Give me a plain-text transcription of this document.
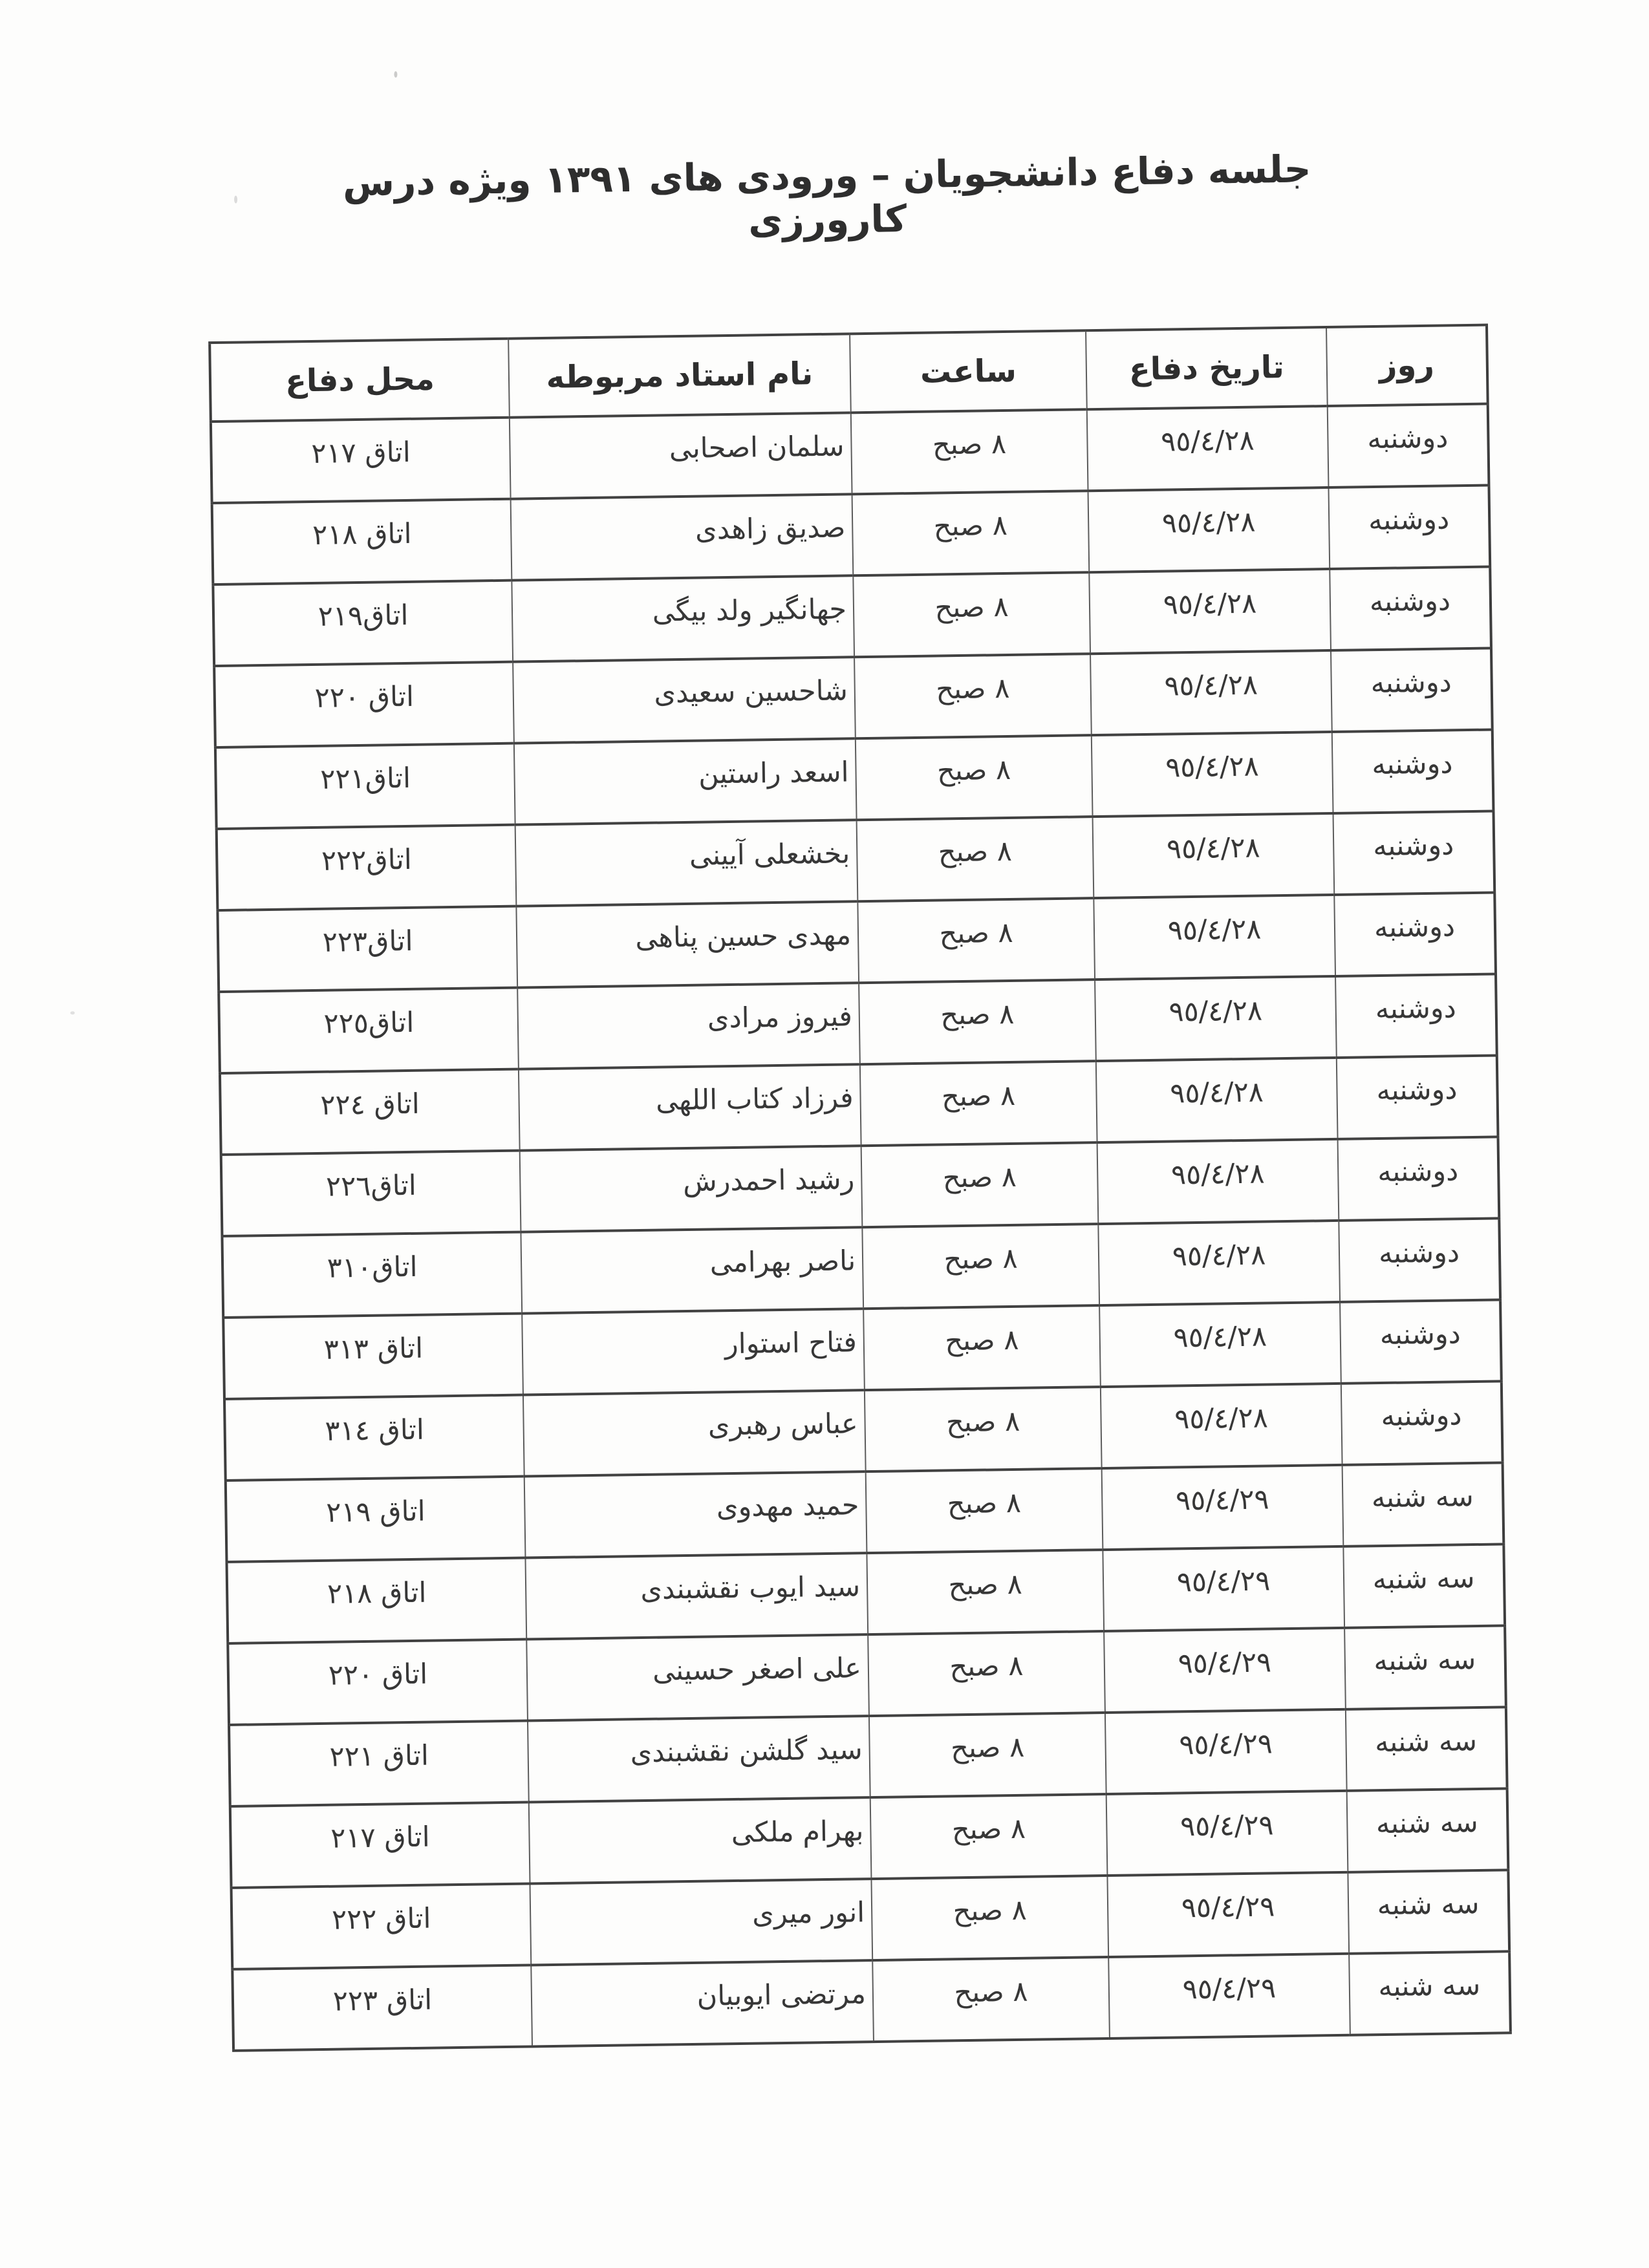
جلسه دفاع دانشجویان – ورودی های ۱۳۹۱ ویژه درس کارورزی
روز	تاریخ دفاع	ساعت	نام استاد مربوطه	محل دفاع
دوشنبه	٩٥/٤/٢٨	٨ صبح	سلمان اصحابی	اتاق ٢١٧
دوشنبه	٩٥/٤/٢٨	٨ صبح	صدیق زاهدی	اتاق ٢١٨
دوشنبه	٩٥/٤/٢٨	٨ صبح	جهانگیر ولد بیگی	اتاق٢١٩
دوشنبه	٩٥/٤/٢٨	٨ صبح	شاحسین سعیدی	اتاق ٢٢٠
دوشنبه	٩٥/٤/٢٨	٨ صبح	اسعد راستین	اتاق٢٢١
دوشنبه	٩٥/٤/٢٨	٨ صبح	بخشعلی آیینی	اتاق٢٢٢
دوشنبه	٩٥/٤/٢٨	٨ صبح	مهدی حسین پناهی	اتاق٢٢٣
دوشنبه	٩٥/٤/٢٨	٨ صبح	فیروز مرادی	اتاق٢٢٥
دوشنبه	٩٥/٤/٢٨	٨ صبح	فرزاد کتاب اللهی	اتاق ٢٢٤
دوشنبه	٩٥/٤/٢٨	٨ صبح	رشید احمدرش	اتاق٢٢٦
دوشنبه	٩٥/٤/٢٨	٨ صبح	ناصر بهرامی	اتاق٣١٠
دوشنبه	٩٥/٤/٢٨	٨ صبح	فتاح استوار	اتاق ٣١٣
دوشنبه	٩٥/٤/٢٨	٨ صبح	عباس رهبری	اتاق ٣١٤
سه شنبه	٩٥/٤/٢٩	٨ صبح	حمید مهدوی	اتاق ٢١٩
سه شنبه	٩٥/٤/٢٩	٨ صبح	سید ایوب نقشبندی	اتاق ٢١٨
سه شنبه	٩٥/٤/٢٩	٨ صبح	علی اصغر حسینی	اتاق ٢٢٠
سه شنبه	٩٥/٤/٢٩	٨ صبح	سید گلشن نقشبندی	اتاق ٢٢١
سه شنبه	٩٥/٤/٢٩	٨ صبح	بهرام ملکی	اتاق ٢١٧
سه شنبه	٩٥/٤/٢٩	٨ صبح	انور میری	اتاق ٢٢٢
سه شنبه	٩٥/٤/٢٩	٨ صبح	مرتضی ایوبیان	اتاق ٢٢٣
